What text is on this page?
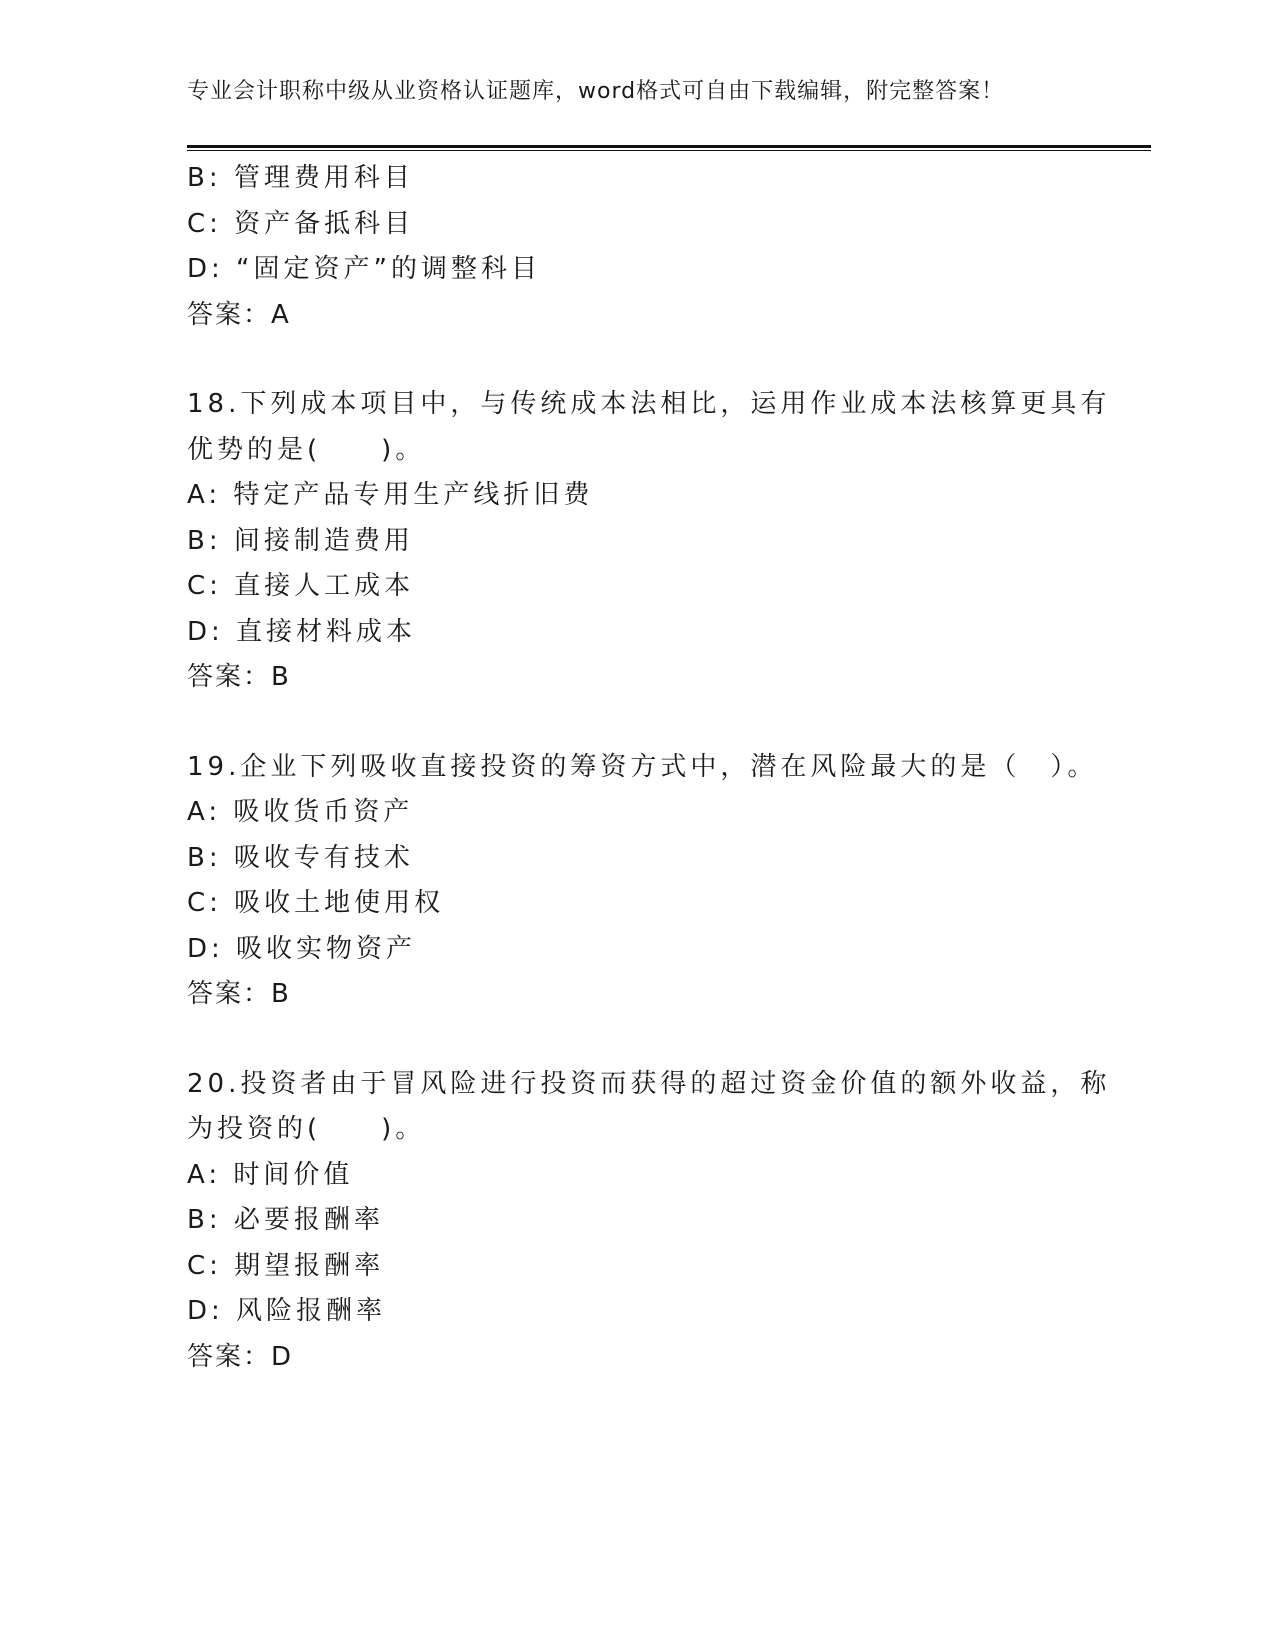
专业会计职称中级从业资格认证题库，word格式可自由下载编辑，附完整答案！
B: 管理费用科目
C: 资产备抵科目
D: “固定资产”的调整科目
答案：A
18.下列成本项目中，与传统成本法相比，运用作业成本法核算更具有
优势的是(　　)。
A: 特定产品专用生产线折旧费
B: 间接制造费用
C: 直接人工成本
D: 直接材料成本
答案：B
19.企业下列吸收直接投资的筹资方式中，潜在风险最大的是（　）。
A: 吸收货币资产
B: 吸收专有技术
C: 吸收土地使用权
D: 吸收实物资产
答案：B
20.投资者由于冒风险进行投资而获得的超过资金价值的额外收益，称
为投资的(　　)。
A: 时间价值
B: 必要报酬率
C: 期望报酬率
D: 风险报酬率
答案：D
